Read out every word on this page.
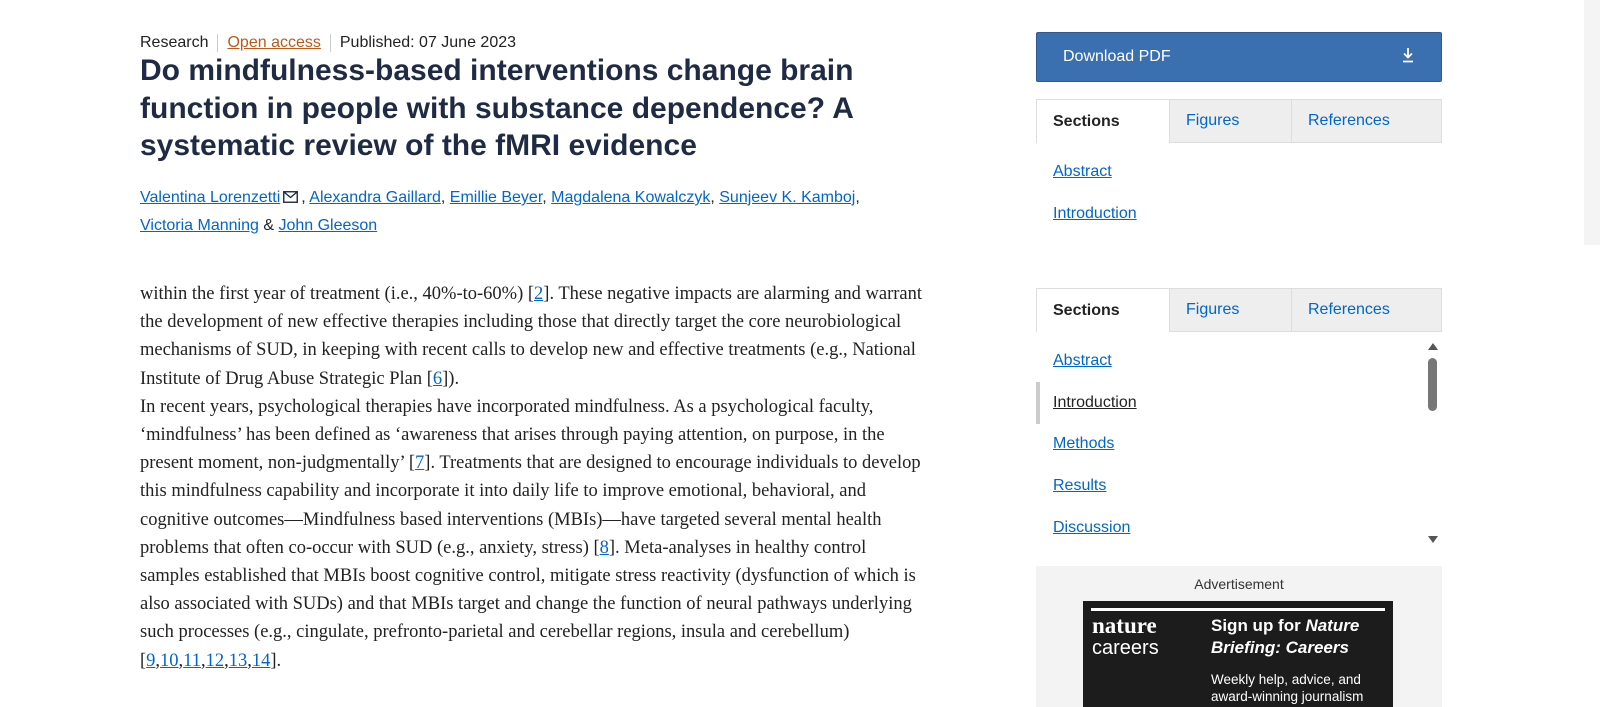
Research Open access Published: 07 June 2023
Do mindfulness-based interventions change brain function in people with substance dependence? A systematic review of the fMRI evidence
Valentina Lorenzetti , Alexandra Gaillard, Emillie Beyer, Magdalena Kowalczyk, Sunjeev K. Kamboj, Victoria Manning & John Gleeson

within the first year of treatment (i.e., 40%-to-60%) [2]. These negative impacts are alarming and warrant the development of new effective therapies including those that directly target the core neurobiological mechanisms of SUD, in keeping with recent calls to develop new and effective treatments (e.g., National Institute of Drug Abuse Strategic Plan [6]).

In recent years, psychological therapies have incorporated mindfulness. As a psychological faculty, ‘mindfulness’ has been defined as ‘awareness that arises through paying attention, on purpose, in the present moment, non-judgmentally’ [7]. Treatments that are designed to encourage individuals to develop this mindfulness capability and incorporate it into daily life to improve emotional, behavioral, and cognitive outcomes—Mindfulness based interventions (MBIs)—have targeted several mental health problems that often co-occur with SUD (e.g., anxiety, stress) [8]. Meta-analyses in healthy control samples established that MBIs boost cognitive control, mitigate stress reactivity (dysfunction of which is also associated with SUDs) and that MBIs target and change the function of neural pathways underlying such processes (e.g., cingulate, prefronto-parietal and cerebellar regions, insula and cerebellum)
[9,10,11,12,13,14].

Download PDF
Sections	Figures	References
Abstract
Introduction
Sections	Figures	References
Abstract
Introduction
Methods
Results
Discussion
Advertisement
nature
careers
Sign up for Nature Briefing: Careers
Weekly help, advice, and award-winning journalism
